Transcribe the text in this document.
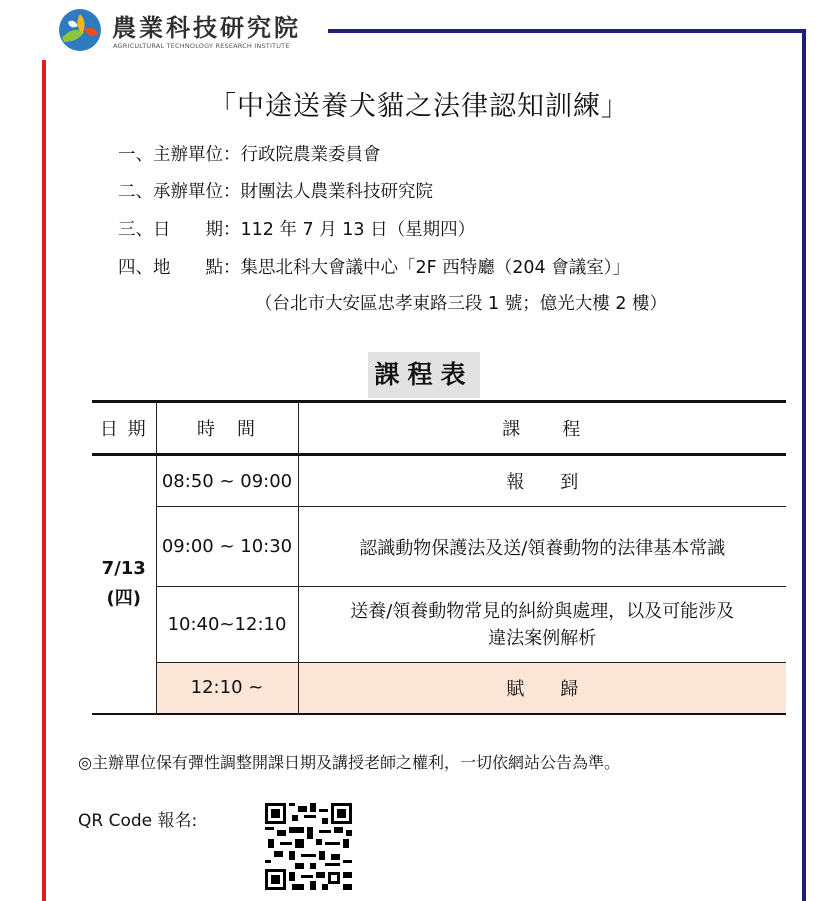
農業科技研究院
AGRICULTURAL TECHNOLOGY RESEARCH INSTITUTE
「中途送養犬貓之法律認知訓練」
一、主辦單位：行政院農業委員會
二、承辦單位：財團法人農業科技研究院
三、日　　期：112 年 7 月 13 日（星期四）
四、地　　點：集思北科大會議中心「2F 西特廳（204 會議室）」
（台北市大安區忠孝東路三段 1 號；億光大樓 2 樓）
課程表
日 期	時　間	課　　程

7/13
(四)	08:50 ~ 09:00	報　　到
	09:00 ~ 10:30	認識動物保護法及送/領養動物的法律基本常識
	10:40~12:10	送養/領養動物常見的糾紛與處理，以及可能涉及
違法案例解析

	12:10 ~	賦　　歸
◎主辦單位保有彈性調整開課日期及講授老師之權利，一切依網站公告為準。
QR Code 報名:
